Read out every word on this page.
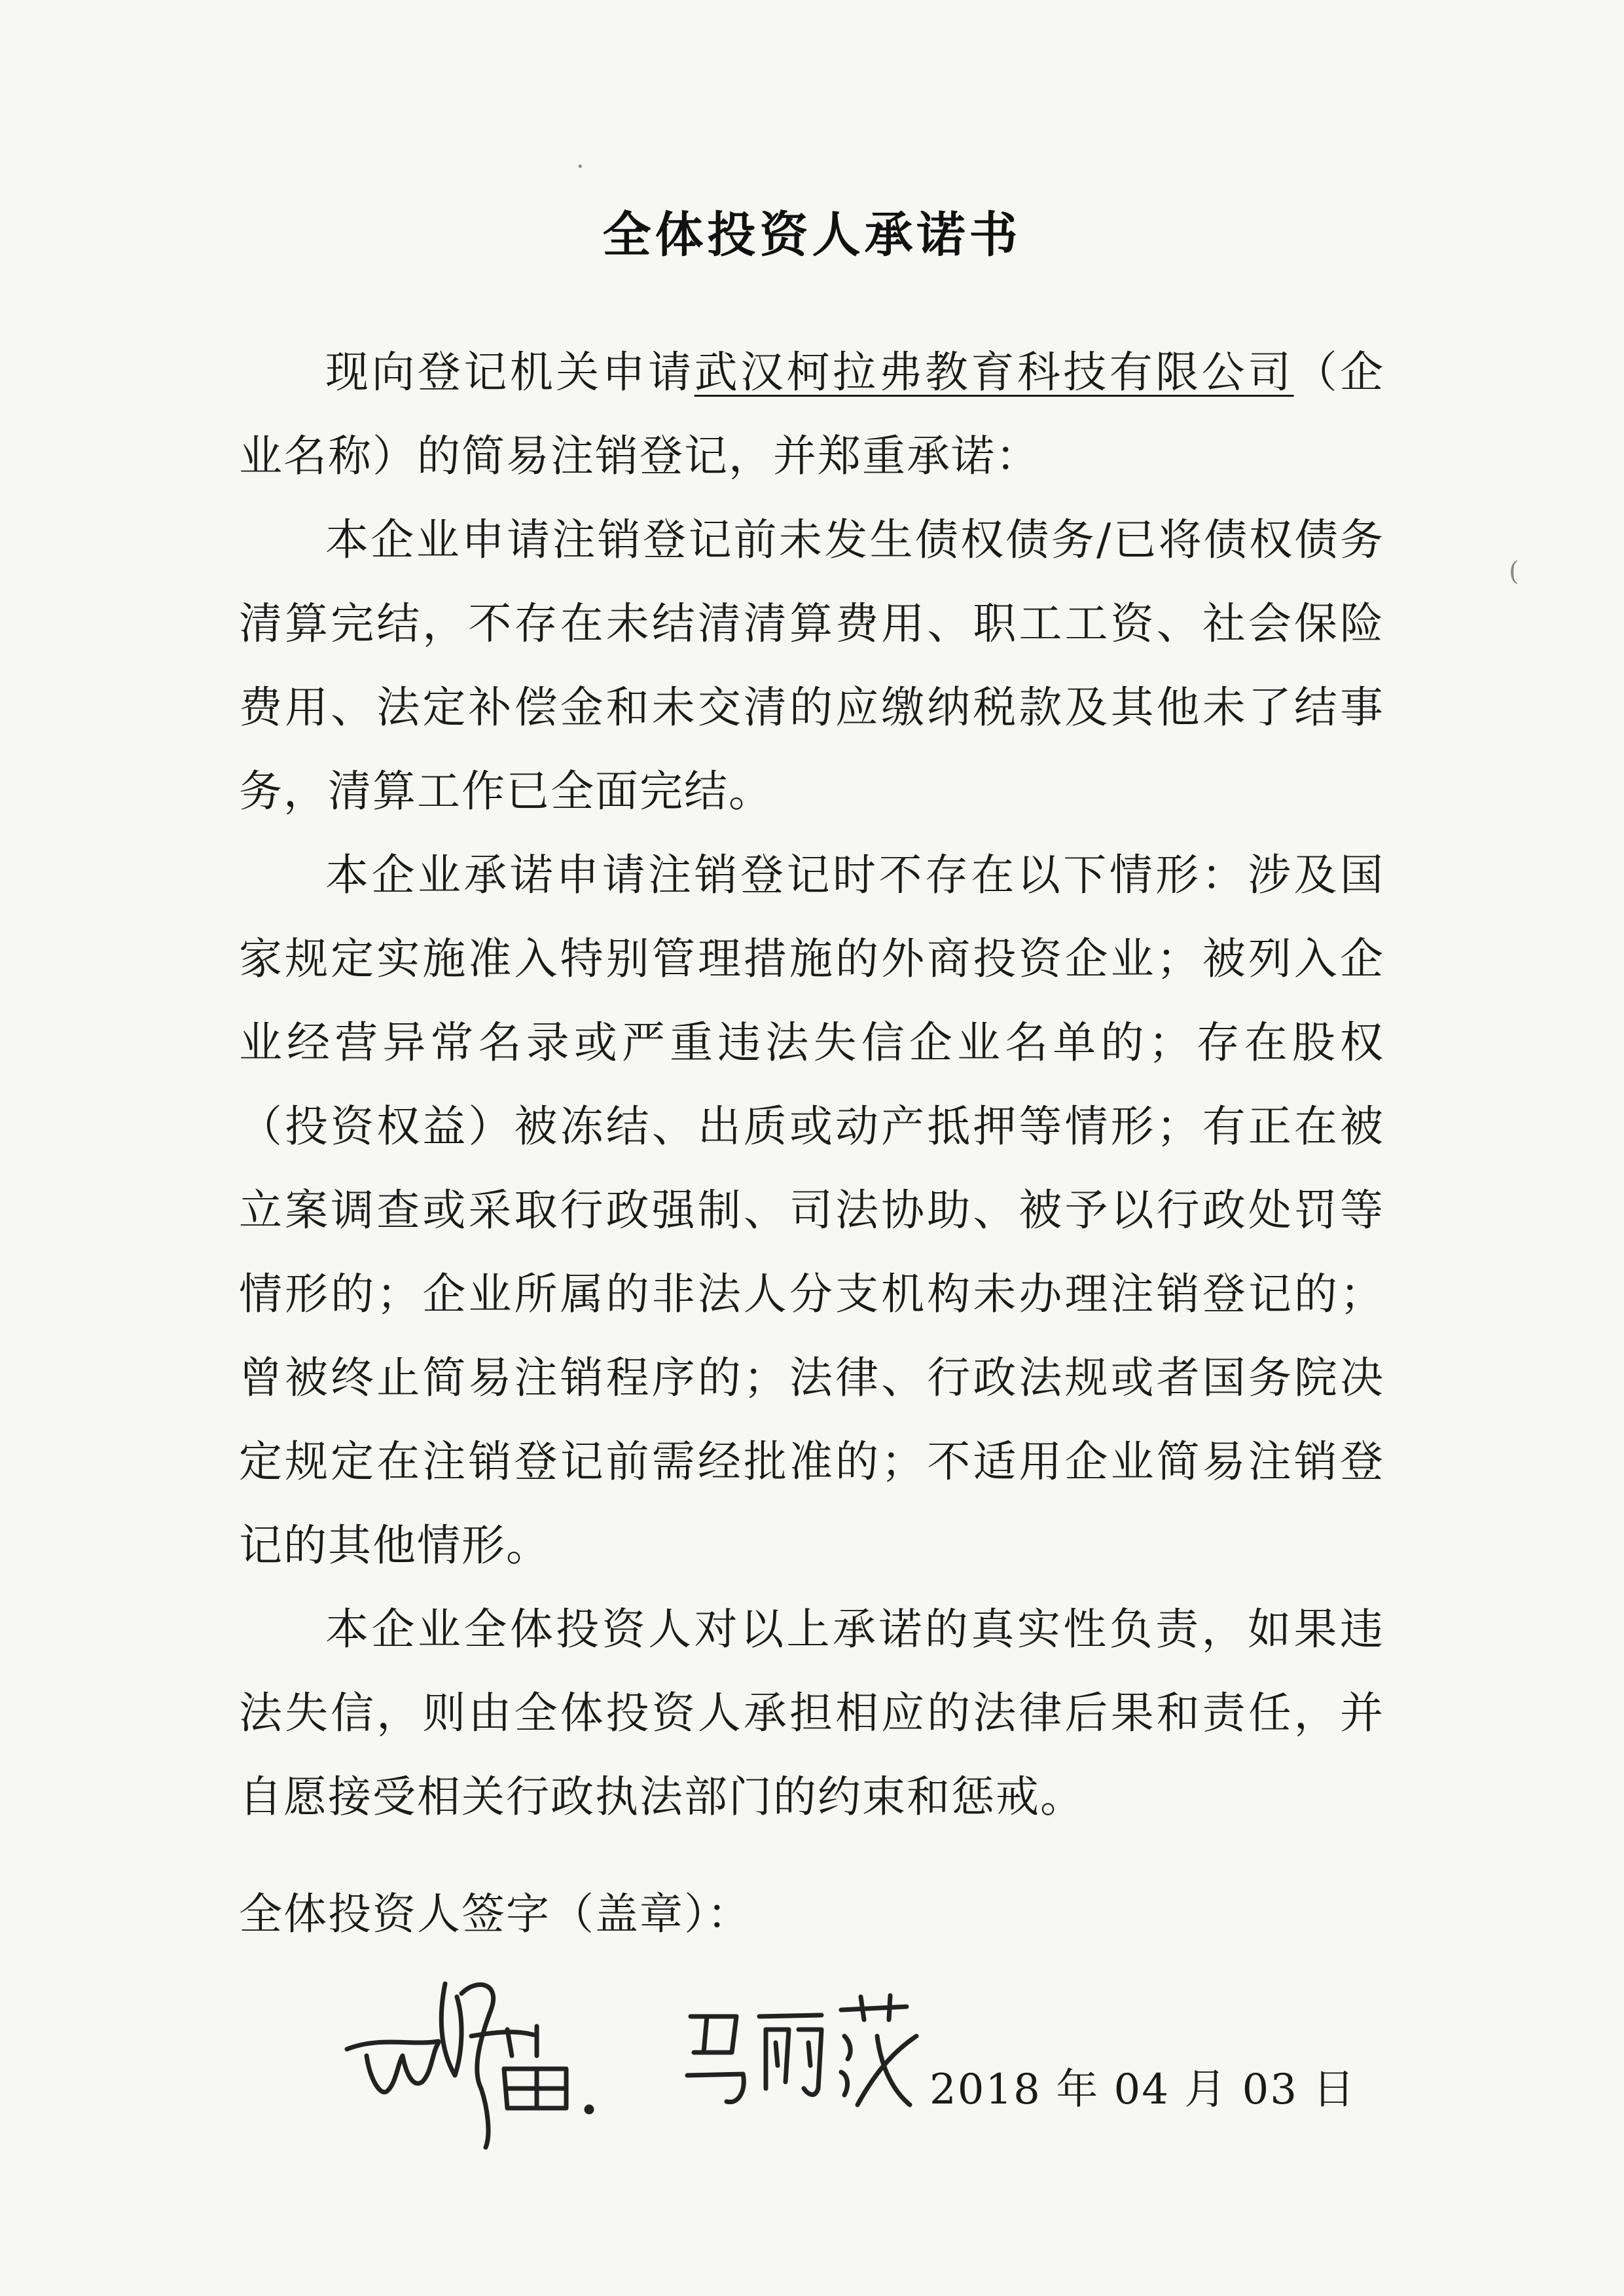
·
(
全体投资人承诺书

现向登记机关申请武汉柯拉弗教育科技有限公司（企业名称）的简易注销登记，并郑重承诺：

本企业申请注销登记前未发生债权债务/已将债权债务清算完结，不存在未结清清算费用、职工工资、社会保险费用、法定补偿金和未交清的应缴纳税款及其他未了结事务，清算工作已全面完结。

本企业承诺申请注销登记时不存在以下情形：涉及国家规定实施准入特别管理措施的外商投资企业；被列入企业经营异常名录或严重违法失信企业名单的；存在股权（投资权益）被冻结、出质或动产抵押等情形；有正在被立案调查或采取行政强制、司法协助、被予以行政处罚等情形的；企业所属的非法人分支机构未办理注销登记的；曾被终止简易注销程序的；法律、行政法规或者国务院决定规定在注销登记前需经批准的；不适用企业简易注销登记的其他情形。

本企业全体投资人对以上承诺的真实性负责，如果违法失信，则由全体投资人承担相应的法律后果和责任，并自愿接受相关行政执法部门的约束和惩戒。

全体投资人签字（盖章）：
2018 年 04 月 03 日
